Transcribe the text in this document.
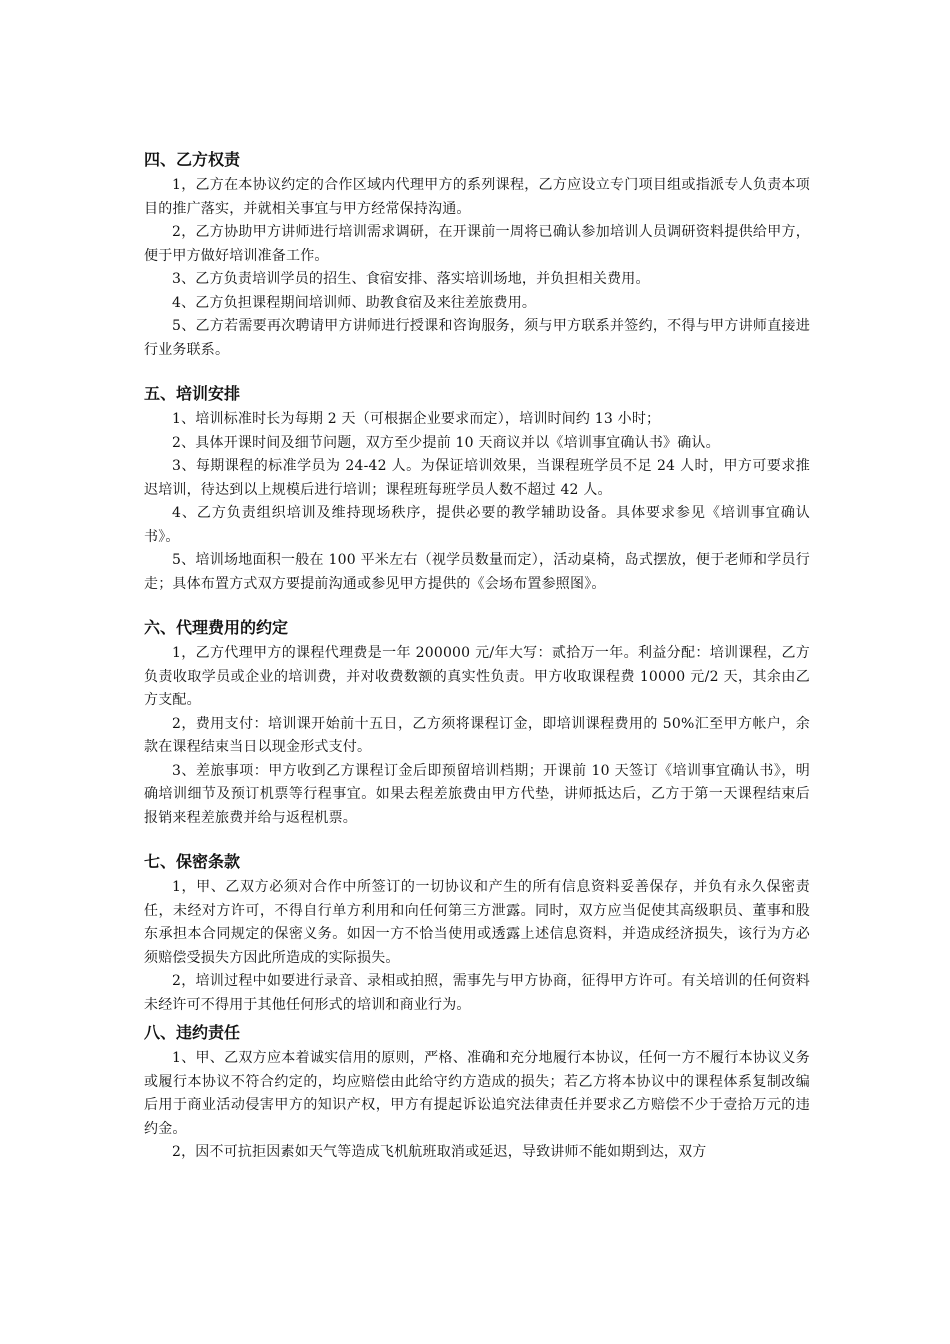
四、乙方权责

1，乙方在本协议约定的合作区域内代理甲方的系列课程，乙方应设立专门项目组或指派专人负责本项目的推广落实，并就相关事宜与甲方经常保持沟通。

2，乙方协助甲方讲师进行培训需求调研，在开课前一周将已确认参加培训人员调研资料提供给甲方，便于甲方做好培训准备工作。

3、乙方负责培训学员的招生、食宿安排、落实培训场地，并负担相关费用。

4、乙方负担课程期间培训师、助教食宿及来往差旅费用。

5、乙方若需要再次聘请甲方讲师进行授课和咨询服务，须与甲方联系并签约，不得与甲方讲师直接进行业务联系。

五、培训安排

1、培训标准时长为每期 2 天（可根据企业要求而定），培训时间约 13 小时；

2、具体开课时间及细节问题，双方至少提前 10 天商议并以《培训事宜确认书》确认。

3、每期课程的标准学员为 24-42 人。为保证培训效果，当课程班学员不足 24 人时，甲方可要求推迟培训，待达到以上规模后进行培训；课程班每班学员人数不超过 42 人。

4、乙方负责组织培训及维持现场秩序，提供必要的教学辅助设备。具体要求参见《培训事宜确认书》。

5、培训场地面积一般在 100 平米左右（视学员数量而定），活动桌椅，岛式摆放，便于老师和学员行走；具体布置方式双方要提前沟通或参见甲方提供的《会场布置参照图》。

六、代理费用的约定

1，乙方代理甲方的课程代理费是一年 200000 元/年大写：贰拾万一年。利益分配：培训课程，乙方负责收取学员或企业的培训费，并对收费数额的真实性负责。甲方收取课程费 10000 元/2 天，其余由乙方支配。

2，费用支付：培训课开始前十五日，乙方须将课程订金，即培训课程费用的 50%汇至甲方帐户，余款在课程结束当日以现金形式支付。

3、差旅事项：甲方收到乙方课程订金后即预留培训档期；开课前 10 天签订《培训事宜确认书》，明确培训细节及预订机票等行程事宜。如果去程差旅费由甲方代垫，讲师抵达后，乙方于第一天课程结束后报销来程差旅费并给与返程机票。

七、保密条款

1，甲、乙双方必须对合作中所签订的一切协议和产生的所有信息资料妥善保存，并负有永久保密责任，未经对方许可，不得自行单方利用和向任何第三方泄露。同时，双方应当促使其高级职员、董事和股东承担本合同规定的保密义务。如因一方不恰当使用或透露上述信息资料，并造成经济损失，该行为方必须赔偿受损失方因此所造成的实际损失。

2，培训过程中如要进行录音、录相或拍照，需事先与甲方协商，征得甲方许可。有关培训的任何资料未经许可不得用于其他任何形式的培训和商业行为。

八、违约责任

1、甲、乙双方应本着诚实信用的原则，严格、准确和充分地履行本协议，任何一方不履行本协议义务或履行本协议不符合约定的，均应赔偿由此给守约方造成的损失；若乙方将本协议中的课程体系复制改编后用于商业活动侵害甲方的知识产权，甲方有提起诉讼追究法律责任并要求乙方赔偿不少于壹拾万元的违约金。

2，因不可抗拒因素如天气等造成飞机航班取消或延迟，导致讲师不能如期到达，双方
